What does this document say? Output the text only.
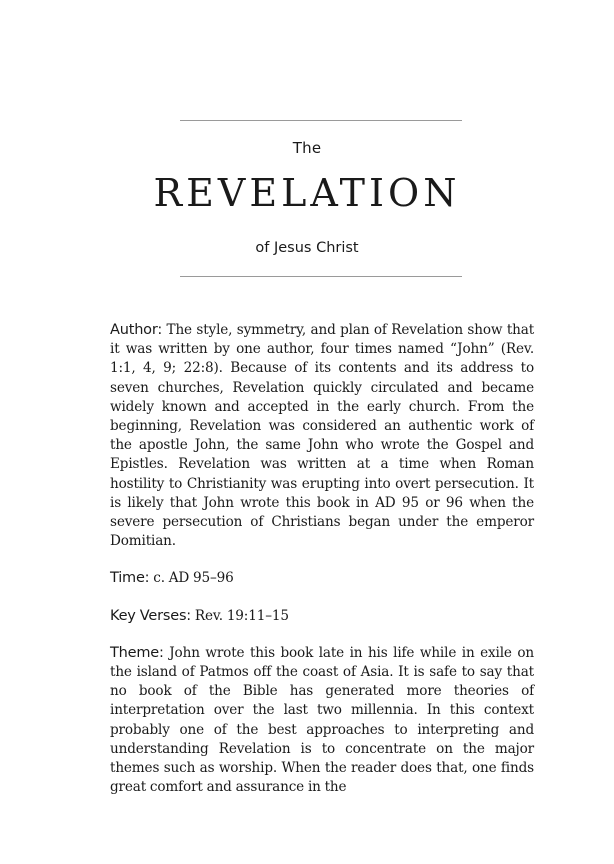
The
REVELATION
of Jesus Christ

Author: The style, symmetry, and plan of Revelation show that it was written by one author, four times named “John” (Rev. 1:1, 4, 9; 22:8). Because of its contents and its address to seven churches, Revelation quickly circulated and became widely known and accepted in the early church. From the beginning, Revelation was considered an authentic work of the apostle John, the same John who wrote the Gospel and Epistles. Revelation was written at a time when Roman hostility to Christianity was erupting into overt persecution. It is likely that John wrote this book in AD 95 or 96 when the severe persecution of Christians began under the emperor Domitian.

Time: c. AD 95–96

Key Verses: Rev. 19:11–15

Theme: John wrote this book late in his life while in exile on the island of Patmos off the coast of Asia. It is safe to say that no book of the Bible has generated more theories of interpretation over the last two millennia. In this context probably one of the best approaches to interpreting and understanding Revelation is to concentrate on the major themes such as worship. When the reader does that, one finds great comfort and assurance in the
